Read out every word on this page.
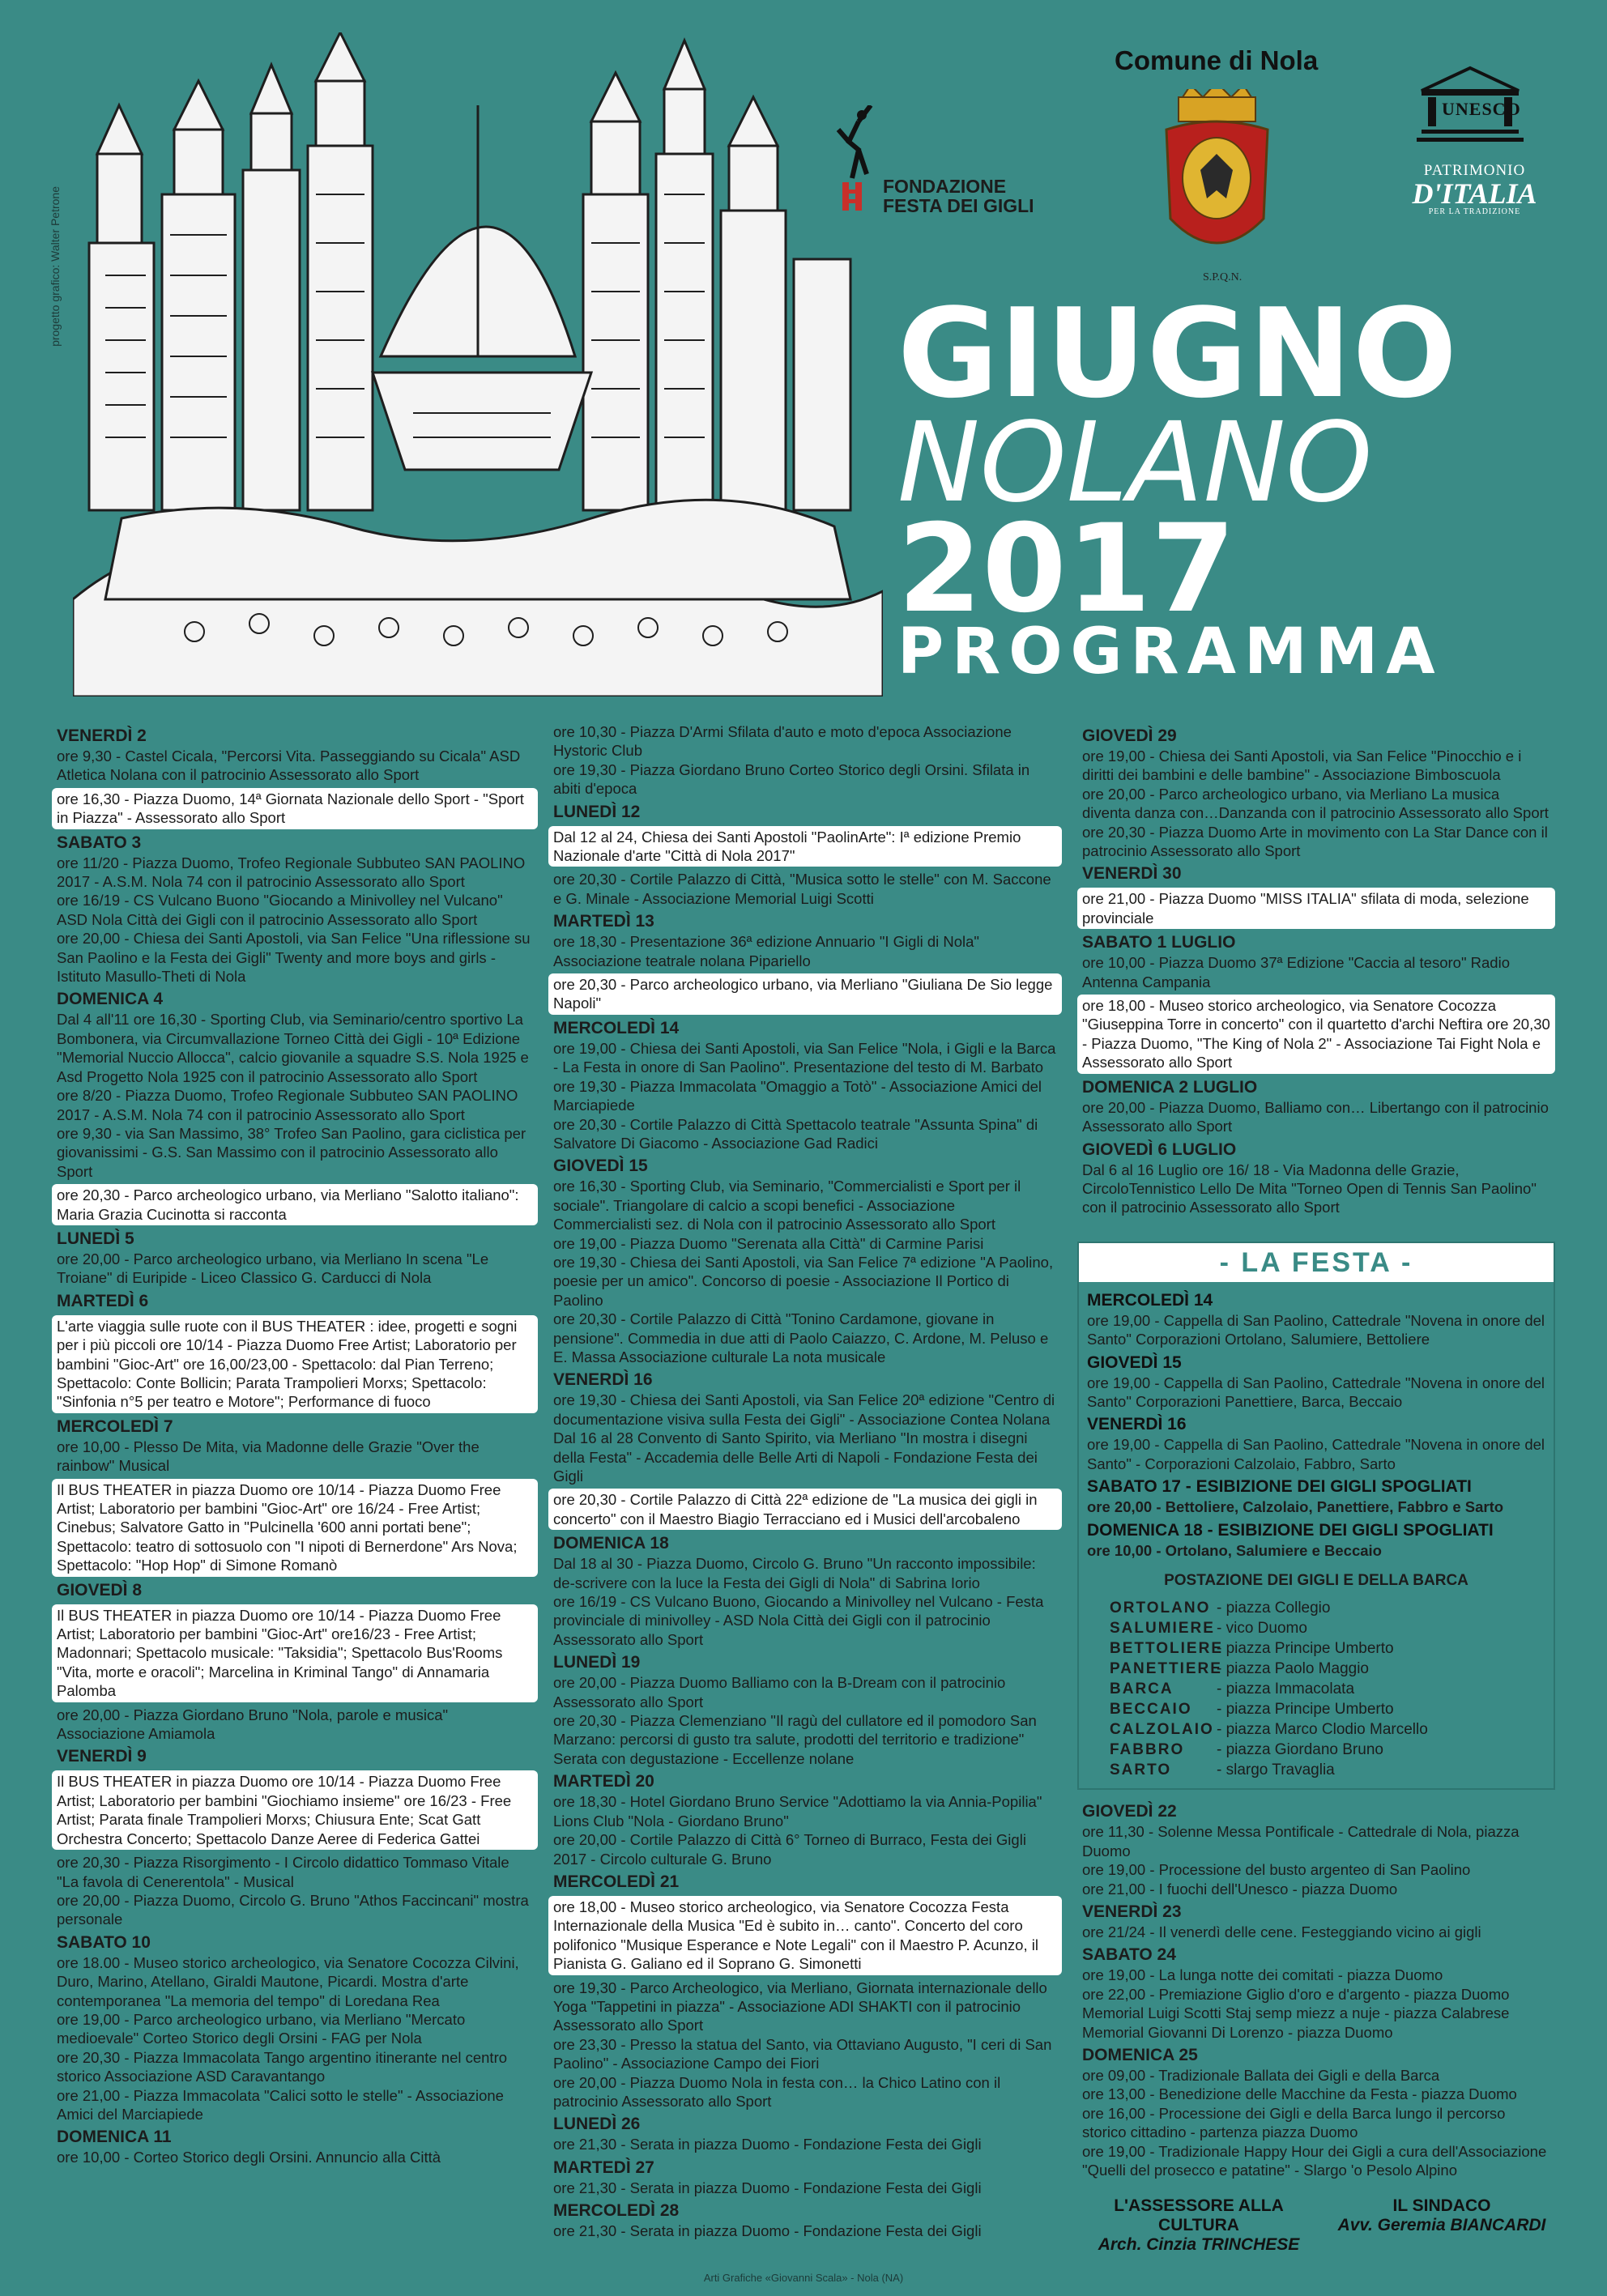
progetto grafico: Walter Petrone	FONDAZIONE
FESTA DEI GIGLI
Comune di Nola
S.P.Q.N.
UNESCO
PATRIMONIO
D'ITALIA
PER LA TRADIZIONE
GIUGNO
NOLANO
2017
PROGRAMMA
VENERDÌ 2
ore 9,30 - Castel Cicala, "Percorsi Vita. Passeggiando su Cicala" ASD Atletica Nolana con il patrocinio Assessorato allo Sport
ore 16,30 - Piazza Duomo, 14ª Giornata Nazionale dello Sport - "Sport in Piazza" - Assessorato allo Sport
SABATO 3
ore 11/20 - Piazza Duomo, Trofeo Regionale Subbuteo SAN PAOLINO 2017 - A.S.M. Nola 74 con il patrocinio Assessorato allo Sport
ore 16/19 - CS Vulcano Buono "Giocando a Minivolley nel Vulcano" ASD Nola Città dei Gigli con il patrocinio Assessorato allo Sport
ore 20,00 - Chiesa dei Santi Apostoli, via San Felice "Una riflessione su San Paolino e la Festa dei Gigli" Twenty and more boys and girls - Istituto Masullo-Theti di Nola
DOMENICA 4
Dal 4 all'11 ore 16,30 - Sporting Club, via Seminario/centro sportivo La Bombonera, via Circumvallazione Torneo Città dei Gigli - 10ª Edizione "Memorial Nuccio Allocca", calcio giovanile a squadre S.S. Nola 1925 e Asd Progetto Nola 1925 con il patrocinio Assessorato allo Sport
ore 8/20 - Piazza Duomo, Trofeo Regionale Subbuteo SAN PAOLINO 2017 - A.S.M. Nola 74 con il patrocinio Assessorato allo Sport
ore 9,30 - via San Massimo, 38° Trofeo San Paolino, gara ciclistica per giovanissimi - G.S. San Massimo con il patrocinio Assessorato allo Sport
ore 20,30 - Parco archeologico urbano, via Merliano "Salotto italiano": Maria Grazia Cucinotta si racconta
LUNEDÌ 5
ore 20,00 - Parco archeologico urbano, via Merliano In scena "Le Troiane" di Euripide - Liceo Classico G. Carducci di Nola
MARTEDÌ 6
L'arte viaggia sulle ruote con il BUS THEATER : idee, progetti e sogni per i più piccoli ore 10/14 - Piazza Duomo Free Artist; Laboratorio per bambini "Gioc-Art" ore 16,00/23,00 - Spettacolo: dal Pian Terreno; Spettacolo: Conte Bollicin; Parata Trampolieri Morxs; Spettacolo: "Sinfonia n°5 per teatro e Motore"; Performance di fuoco
MERCOLEDÌ 7
ore 10,00 - Plesso De Mita, via Madonne delle Grazie "Over the rainbow" Musical
Il BUS THEATER in piazza Duomo ore 10/14 - Piazza Duomo Free Artist; Laboratorio per bambini "Gioc-Art" ore 16/24 - Free Artist; Cinebus; Salvatore Gatto in "Pulcinella '600 anni portati bene"; Spettacolo: teatro di sottosuolo con "I nipoti di Bernerdone" Ars Nova; Spettacolo: "Hop Hop" di Simone Romanò
GIOVEDÌ 8
Il BUS THEATER in piazza Duomo ore 10/14 - Piazza Duomo Free Artist; Laboratorio per bambini "Gioc-Art" ore16/23 - Free Artist; Madonnari; Spettacolo musicale: "Taksidia"; Spettacolo Bus'Rooms "Vita, morte e oracoli"; Marcelina in Kriminal Tango" di Annamaria Palomba
ore 20,00 - Piazza Giordano Bruno "Nola, parole e musica" Associazione Amiamola
VENERDÌ 9
Il BUS THEATER in piazza Duomo ore 10/14 - Piazza Duomo Free Artist; Laboratorio per bambini "Giochiamo insieme" ore 16/23 - Free Artist; Parata finale Trampolieri Morxs; Chiusura Ente; Scat Gatt Orchestra Concerto; Spettacolo Danze Aeree di Federica Gattei
ore 20,30 - Piazza Risorgimento - I Circolo didattico Tommaso Vitale "La favola di Cenerentola" - Musical
ore 20,00 - Piazza Duomo, Circolo G. Bruno "Athos Faccincani" mostra personale
SABATO 10
ore 18.00 - Museo storico archeologico, via Senatore Cocozza Cilvini, Duro, Marino, Atellano, Giraldi Mautone, Picardi. Mostra d'arte contemporanea "La memoria del tempo" di Loredana Rea
ore 19,00 - Parco archeologico urbano, via Merliano "Mercato medioevale" Corteo Storico degli Orsini - FAG per Nola
ore 20,30 - Piazza Immacolata Tango argentino itinerante nel centro storico Associazione ASD Caravantango
ore 21,00 - Piazza Immacolata "Calici sotto le stelle" - Associazione Amici del Marciapiede
DOMENICA 11
ore 10,00 - Corteo Storico degli Orsini. Annuncio alla Città
ore 10,30 - Piazza D'Armi Sfilata d'auto e moto d'epoca Associazione Hystoric Club
ore 19,30 - Piazza Giordano Bruno Corteo Storico degli Orsini. Sfilata in abiti d'epoca
LUNEDÌ 12
Dal 12 al 24, Chiesa dei Santi Apostoli "PaolinArte": Iª edizione Premio Nazionale d'arte "Città di Nola 2017"
ore 20,30 - Cortile Palazzo di Città, "Musica sotto le stelle" con M. Saccone e G. Minale - Associazione Memorial Luigi Scotti
MARTEDÌ 13
ore 18,30 - Presentazione 36ª edizione Annuario "I Gigli di Nola" Associazione teatrale nolana Pipariello
ore 20,30 - Parco archeologico urbano, via Merliano "Giuliana De Sio legge Napoli"
MERCOLEDÌ 14
ore 19,00 - Chiesa dei Santi Apostoli, via San Felice "Nola, i Gigli e la Barca - La Festa in onore di San Paolino". Presentazione del testo di M. Barbato
ore 19,30 - Piazza Immacolata "Omaggio a Totò" - Associazione Amici del Marciapiede
ore 20,30 - Cortile Palazzo di Città Spettacolo teatrale "Assunta Spina" di Salvatore Di Giacomo - Associazione Gad Radici
GIOVEDÌ 15
ore 16,30 - Sporting Club, via Seminario, "Commercialisti e Sport per il sociale". Triangolare di calcio a scopi benefici - Associazione Commercialisti sez. di Nola con il patrocinio Assessorato allo Sport
ore 19,00 - Piazza Duomo "Serenata alla Città" di Carmine Parisi
ore 19,30 - Chiesa dei Santi Apostoli, via San Felice 7ª edizione "A Paolino, poesie per un amico". Concorso di poesie - Associazione Il Portico di Paolino
ore 20,30 - Cortile Palazzo di Città "Tonino Cardamone, giovane in pensione". Commedia in due atti di Paolo Caiazzo, C. Ardone, M. Peluso e E. Massa Associazione culturale La nota musicale
VENERDÌ 16
ore 19,30 - Chiesa dei Santi Apostoli, via San Felice 20ª edizione "Centro di documentazione visiva sulla Festa dei Gigli" - Associazione Contea Nolana
Dal 16 al 28 Convento di Santo Spirito, via Merliano "In mostra i disegni della Festa" - Accademia delle Belle Arti di Napoli - Fondazione Festa dei Gigli
ore 20,30 - Cortile Palazzo di Città 22ª edizione de "La musica dei gigli in concerto" con il Maestro Biagio Terracciano ed i Musici dell'arcobaleno
DOMENICA 18
Dal 18 al 30 - Piazza Duomo, Circolo G. Bruno "Un racconto impossibile: de-scrivere con la luce la Festa dei Gigli di Nola" di Sabrina Iorio
ore 16/19 - CS Vulcano Buono, Giocando a Minivolley nel Vulcano - Festa provinciale di minivolley - ASD Nola Città dei Gigli con il patrocinio Assessorato allo Sport
LUNEDÌ 19
ore 20,00 - Piazza Duomo Balliamo con la B-Dream con il patrocinio Assessorato allo Sport
ore 20,30 - Piazza Clemenziano "Il ragù del cullatore ed il pomodoro San Marzano: percorsi di gusto tra salute, prodotti del territorio e tradizione" Serata con degustazione - Eccellenze nolane
MARTEDÌ 20
ore 18,30 - Hotel Giordano Bruno Service "Adottiamo la via Annia-Popilia" Lions Club "Nola - Giordano Bruno"
ore 20,00 - Cortile Palazzo di Città 6° Torneo di Burraco, Festa dei Gigli 2017 - Circolo culturale G. Bruno
MERCOLEDÌ 21
ore 18,00 - Museo storico archeologico, via Senatore Cocozza Festa Internazionale della Musica "Ed è subito in… canto". Concerto del coro polifonico "Musique Esperance e Note Legali" con il Maestro P. Acunzo, il Pianista G. Galiano ed il Soprano G. Simonetti
ore 19,30 - Parco Archeologico, via Merliano, Giornata internazionale dello Yoga "Tappetini in piazza" - Associazione ADI SHAKTI con il patrocinio Assessorato allo Sport
ore 23,30 - Presso la statua del Santo, via Ottaviano Augusto, "I ceri di San Paolino" - Associazione Campo dei Fiori
ore 20,00 - Piazza Duomo Nola in festa con… la Chico Latino con il patrocinio Assessorato allo Sport
LUNEDÌ 26
ore 21,30 - Serata in piazza Duomo - Fondazione Festa dei Gigli
MARTEDÌ 27
ore 21,30 - Serata in piazza Duomo - Fondazione Festa dei Gigli
MERCOLEDÌ 28
ore 21,30 - Serata in piazza Duomo - Fondazione Festa dei Gigli
GIOVEDÌ 29
ore 19,00 - Chiesa dei Santi Apostoli, via San Felice "Pinocchio e i diritti dei bambini e delle bambine" - Associazione Bimboscuola
ore 20,00 - Parco archeologico urbano, via Merliano La musica diventa danza con…Danzanda con il patrocinio Assessorato allo Sport
ore 20,30 - Piazza Duomo Arte in movimento con La Star Dance con il patrocinio Assessorato allo Sport
VENERDÌ 30
ore 21,00 - Piazza Duomo "MISS ITALIA" sfilata di moda, selezione provinciale
SABATO 1 LUGLIO
ore 10,00 - Piazza Duomo 37ª Edizione "Caccia al tesoro" Radio Antenna Campania
ore 18,00 - Museo storico archeologico, via Senatore Cocozza "Giuseppina Torre in concerto" con il quartetto d'archi Neftira ore 20,30 - Piazza Duomo, "The King of Nola 2" - Associazione Tai Fight Nola e Assessorato allo Sport
DOMENICA 2 LUGLIO
ore 20,00 - Piazza Duomo, Balliamo con… Libertango con il patrocinio Assessorato allo Sport
GIOVEDÌ 6 LUGLIO
Dal 6 al 16 Luglio ore 16/ 18 - Via Madonna delle Grazie, CircoloTennistico Lello De Mita "Torneo Open di Tennis San Paolino" con il patrocinio Assessorato allo Sport
- LA FESTA -
MERCOLEDÌ 14
ore 19,00 - Cappella di San Paolino, Cattedrale "Novena in onore del Santo" Corporazioni Ortolano, Salumiere, Bettoliere
GIOVEDÌ 15
ore 19,00 - Cappella di San Paolino, Cattedrale "Novena in onore del Santo" Corporazioni Panettiere, Barca, Beccaio
VENERDÌ 16
ore 19,00 - Cappella di San Paolino, Cattedrale "Novena in onore del Santo" - Corporazioni Calzolaio, Fabbro, Sarto
SABATO 17 - ESIBIZIONE DEI GIGLI SPOGLIATI
ore 20,00 - Bettoliere, Calzolaio, Panettiere, Fabbro e Sarto
DOMENICA 18 - ESIBIZIONE DEI GIGLI SPOGLIATI
ore 10,00 - Ortolano, Salumiere e Beccaio
POSTAZIONE DEI GIGLI E DELLA BARCA
ORTOLANO - piazza Collegio
SALUMIERE - vico Duomo
BETTOLIERE
- piazza Principe Umberto
PANETTIERE
- piazza Paolo Maggio
BARCA	- piazza Immacolata
BECCAIO	- piazza Principe Umberto
CALZOLAIO - piazza Marco Clodio Marcello
FABBRO	- piazza Giordano Bruno
SARTO	- slargo Travaglia
GIOVEDÌ 22
ore 11,30 - Solenne Messa Pontificale - Cattedrale di Nola, piazza Duomo
ore 19,00 - Processione del busto argenteo di San Paolino
ore 21,00 - I fuochi dell'Unesco - piazza Duomo
VENERDÌ 23
ore 21/24 - Il venerdì delle cene. Festeggiando vicino ai gigli
SABATO 24
ore 19,00 - La lunga notte dei comitati - piazza Duomo
ore 22,00 - Premiazione Giglio d'oro e d'argento - piazza Duomo Memorial Luigi Scotti Staj semp miezz a nuje - piazza Calabrese Memorial Giovanni Di Lorenzo - piazza Duomo
DOMENICA 25
ore 09,00 - Tradizionale Ballata dei Gigli e della Barca
ore 13,00 - Benedizione delle Macchine da Festa - piazza Duomo
ore 16,00 - Processione dei Gigli e della Barca lungo il percorso storico cittadino - partenza piazza Duomo
ore 19,00 - Tradizionale Happy Hour dei Gigli a cura dell'Associazione "Quelli del prosecco e patatine" - Slargo 'o Pesolo Alpino
L'ASSESSORE ALLA CULTURA
Arch. Cinzia TRINCHESE
IL SINDACO
Avv. Geremia BIANCARDI
Arti Grafiche «Giovanni Scala» - Nola (NA)
